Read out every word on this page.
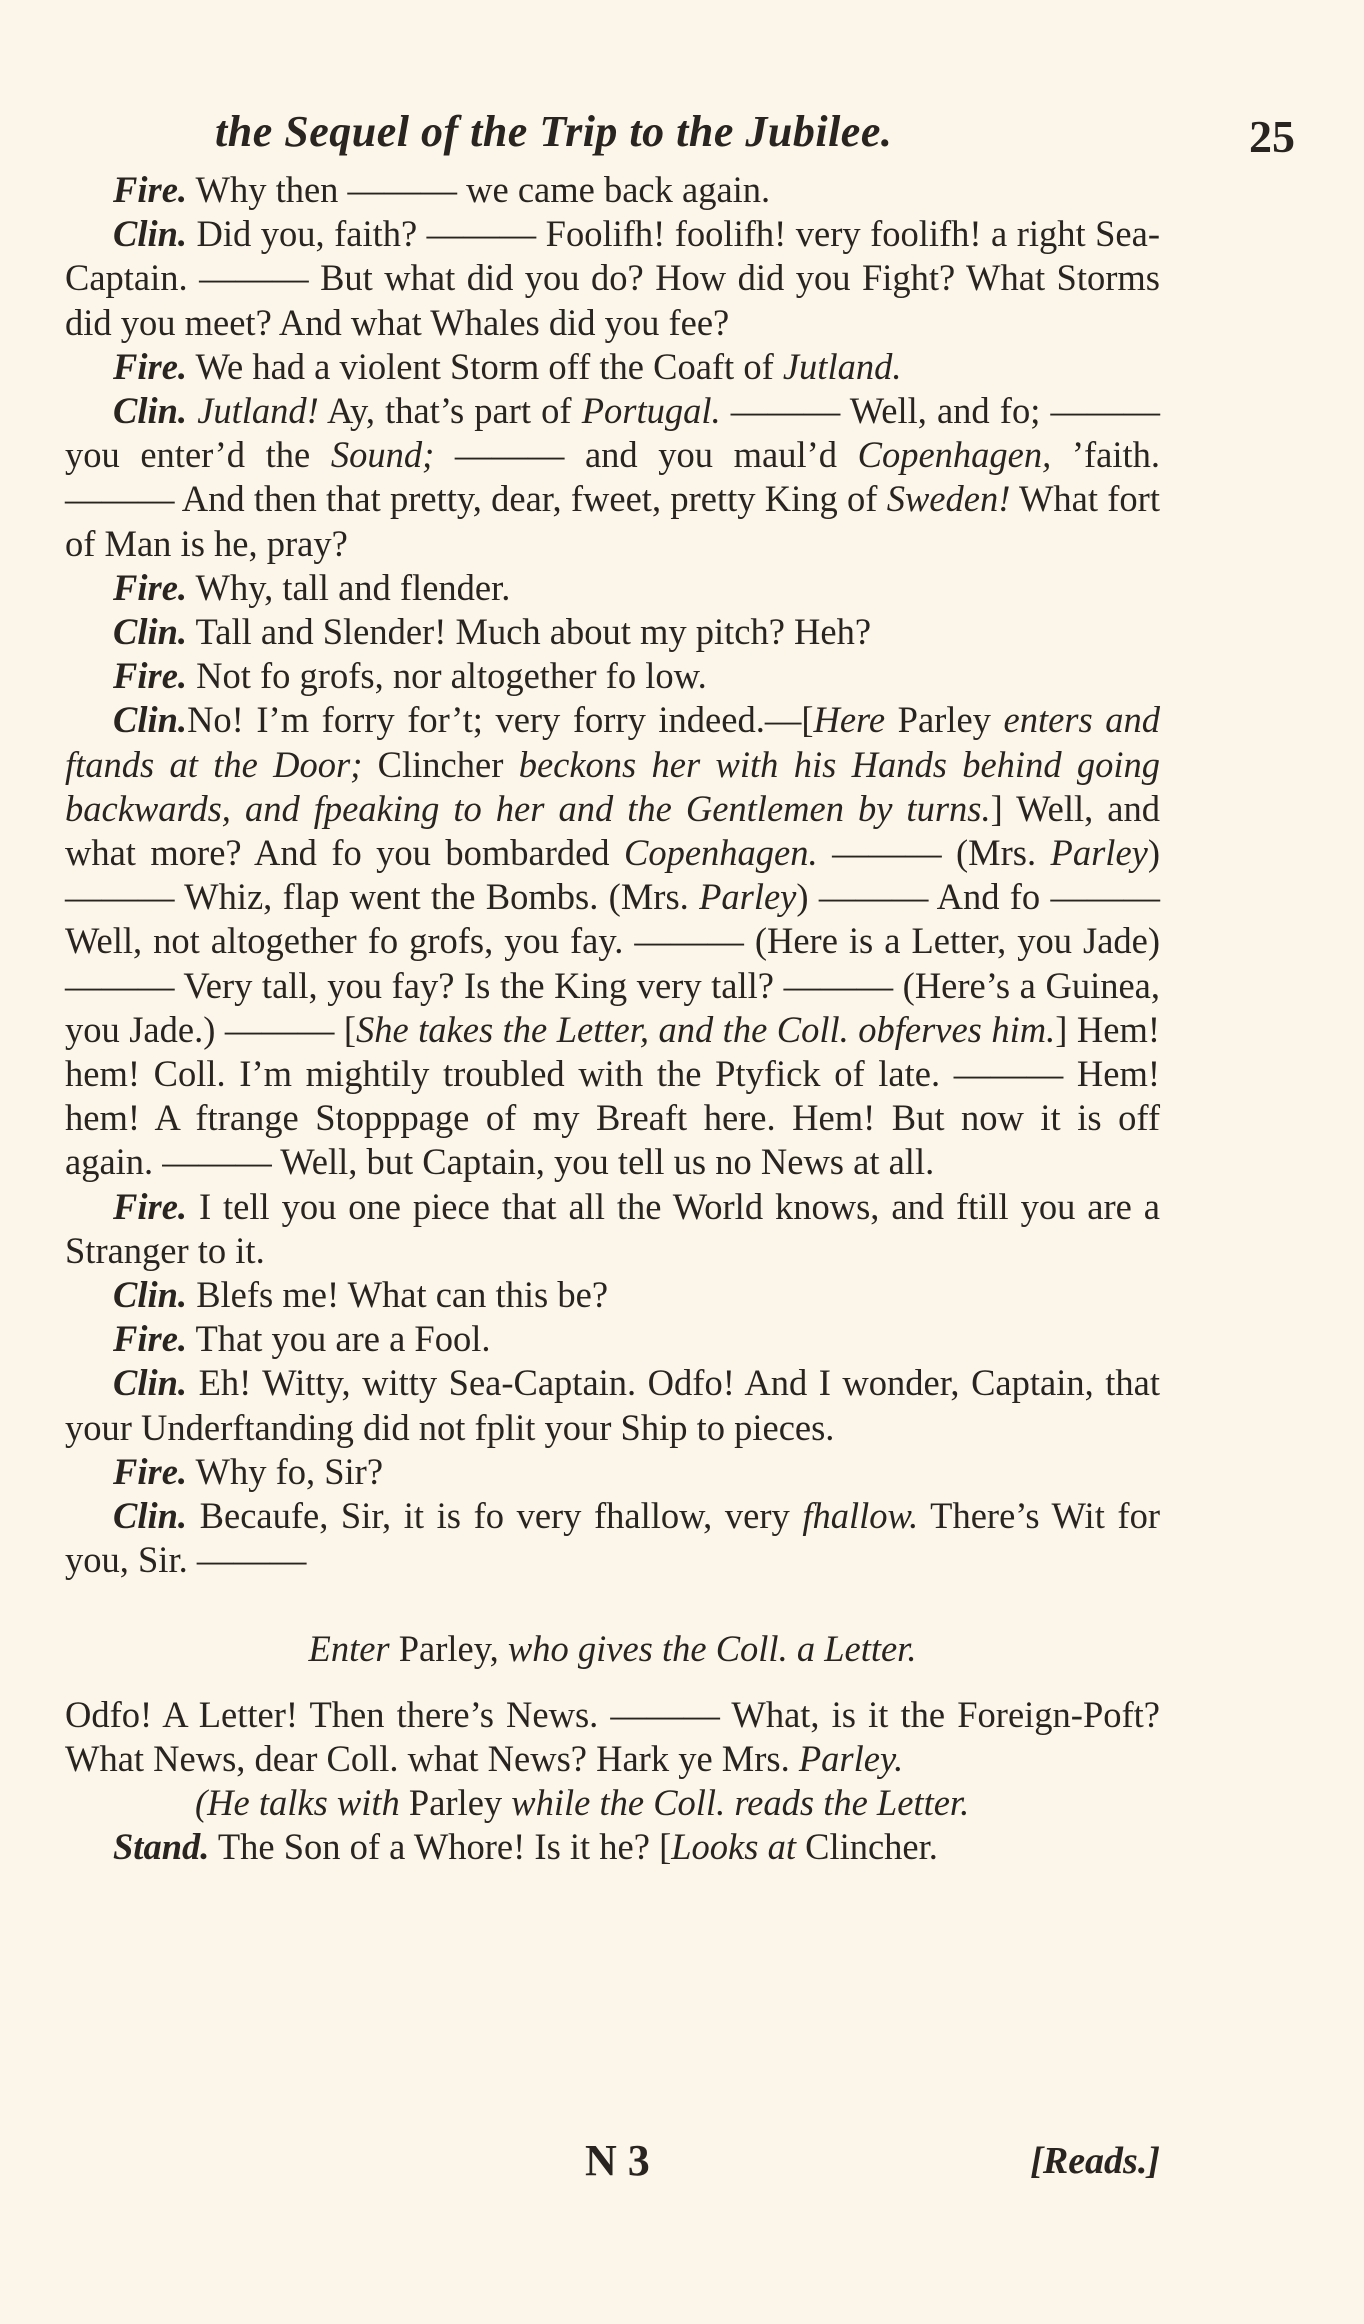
the Sequel of the Trip to the Jubilee.	25

Fire. Why then ——— we came back again.

Clin. Did you, faith? ——— Foolifh! foolifh! very foolifh! a right Sea-Captain. ——— But what did you do? How did you Fight? What Storms did you meet? And what Whales did you fee?

Fire. We had a violent Storm off the Coaft of Jutland.

Clin. Jutland! Ay, that’s part of Portugal. ——— Well, and fo; ——— you enter’d the Sound; ——— and you maul’d Copenhagen, ’faith. ——— And then that pretty, dear, fweet, pretty King of Sweden! What fort of Man is he, pray?

Fire. Why, tall and flender.

Clin. Tall and Slender! Much about my pitch? Heh?

Fire. Not fo grofs, nor altogether fo low.

Clin.No! I’m forry for’t; very forry indeed.—[Here Parley enters and ftands at the Door; Clincher beckons her with his Hands behind going backwards, and fpeaking to her and the Gentlemen by turns.] Well, and what more? And fo you bombarded Copenhagen. ——— (Mrs. Parley) ——— Whiz, flap went the Bombs. (Mrs. Parley) ——— And fo ——— Well, not altogether fo grofs, you fay. ——— (Here is a Letter, you Jade) ——— Very tall, you fay? Is the King very tall? ——— (Here’s a Guinea, you Jade.) ——— [She takes the Letter, and the Coll. obferves him.] Hem! hem! Coll. I’m mightily troubled with the Ptyfick of late. ——— Hem! hem! A ftrange Stopppage of my Breaft here. Hem! But now it is off again. ——— Well, but Captain, you tell us no News at all.

Fire. I tell you one piece that all the World knows, and ftill you are a Stranger to it.

Clin. Blefs me! What can this be?

Fire. That you are a Fool.

Clin. Eh! Witty, witty Sea-Captain. Odfo! And I wonder, Captain, that your Underftanding did not fplit your Ship to pieces.

Fire. Why fo, Sir?

Clin. Becaufe, Sir, it is fo very fhallow, very fhallow. There’s Wit for you, Sir. ———

Enter Parley, who gives the Coll. a Letter.

Odfo! A Letter! Then there’s News. ——— What, is it the Foreign-Poft? What News, dear Coll. what News? Hark ye Mrs. Parley.

(He talks with Parley while the Coll. reads the Letter.

Stand. The Son of a Whore! Is it he? [Looks at Clincher.

N 3	[Reads.]
